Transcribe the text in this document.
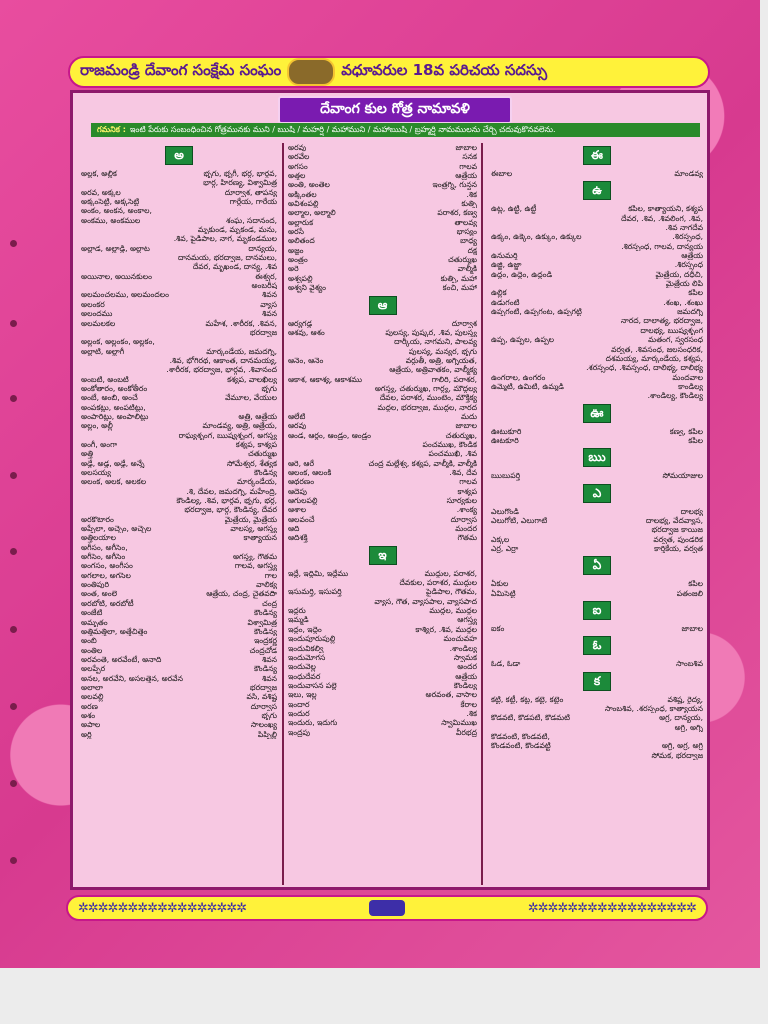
రాజమండ్రి దేవాంగ సంక్షేమ సంఘం	వధూవరుల 18వ పరిచయ సదస్సు
దేవాంగ కుల గోత్ర నామావళి
గమనిక : ఇంటి పేరుకు సంబంధించిన గోత్రమునకు ముని / ఋషి / మహర్షి / మహాముని / మహాఋషి / బ్రహ్మర్షి నామములను చేర్చి చదువుకొనవలెను.
అ
అల్లక, అల్లిక	భృగు, భృగీ, భర్గ, భార్గవ,
భార్గ, హిరణ్య, విశ్వామిత్ర
అరవ, అక్కల	దూర్వాశ, తాపన్య
అక్కంసెట్టి, అక్కసెట్టి	గార్దేయ, గారేయ
అంకం, అంకన, అంకాల,
అంకము, అంకముల	శంఘ, సదానంద,
మృకుండ, మృకండ, మను,
.శివ, పైడిపాల, నాగ, మృకండముల
అల్లాడ, అల్లాడ్డి, అల్లాట	దాన్యయ,
దానమయ, భరద్వాజ, దానమలు,
దేవర, మృఖండ, దాన్య, .శివ
అయినాల, అయినకులం	ఈశ్వర,
అంబరీష
అలమంచలము, అలమందలం	శివన
అలంకర	వ్యాస
అలందము	శివన
అలమలకల	మహేశ, .శారీరక, .శివన,
భరద్వాజ
అల్లంక, అల్లంకం, అల్లకం,
అల్లాటి, అల్లాగీ	మార్కండేయ, జమదగ్ని,
.శివ, భోగిరథ, ఆకాంత, దానమయ్య,
.శారీరక, భరద్వాజ, భార్గవ, .శివానంద
అంబటి, అంబటి	కశ్యప, వాలఖిల్య
అంకోతారం, అంకోతీరం	భృగు
అంబే, అంబి, అంచే	వేమూల, వేయుల
అంపకట్లు, అంపటిట్లు,
అంపారిట్లు, అంపాలిట్లు	అత్రి, ఆత్రేయ
అల్లం, అల్లీ	మాండవ్య, అత్రి, ఆత్రేయ,
రాఘ్యశృంగ, ఋష్యశృంగ, అగస్త్య
అంగీ, అంగా	కశ్యప, కాశ్యప
అత్తి	చతుర్ముఖ
అడ్డే, అడ్డ, అడ్డే, అన్నే	సోమేశ్వర, శేత్యక
అలసయ్య	కౌండిన్య
అలంక, అలక, అలకల	మార్కండేయ,
.శి, దేవల, జమదగ్ని, మహేంద్రి,
కౌండిల్య, .శివ, భార్గవ, భృగు, భర్గ,
భరద్వాజ, భార్గ, కౌండిన్య, దేవర
అరకొటారం	మైత్రేయ, మైత్రేయ
అప్పేలా, అచ్చెం, అచ్చెల	వాలస్య, అగస్త్య
అత్తిలయాల	కాత్యాయన
అగీసం, అగీసెం,
అగీసెం, అగీసెం	అగస్త్య, గౌతమ
అంగసం, అంగీసం	గాలవ, అగస్త్య
అగలాల, అగసెల	గాల
అంతిపురి	వాలిక్య
అంత, అంలె	ఆత్రేయ, చంద్ర, చైతవదిా
అరబోటి, అరబోటీ	చంద్ర
అంజేటి	కౌండిన్య
అమృతం	విశ్వామిత్ర
అత్తిమత్తిలా, అత్తేచిత్తెం	కౌండిన్య
అంబి	ఇంద్రకర్ణ
అంతిల	చంద్రచోడ
అరవంతె, అరవేంటే, అనాది	శివన
అలప్పేర	కౌండిన్య
అనల, అరవేని, అసలత్తెన, అరవేన	శివన
అలాలా	భరద్వాజ
అలవల్లి	వసి, వశిష్ట
అరణ	దూర్వాస
అశం	భృగు
అపాల	సాలంఖ్య
అర్లి	పిప్పిల్లి
అరవు	జాబాల
అరవేల	సనక
అగసం	గాలవ
అత్తల	ఆత్రేయ
అంతి, అంతెల	ఇంత్రగ్ని, గున్షన
అక్కింతల	.శిక
అవిశంపల్లి	కుత్సి
అల్మాల, అల్మాలి	పరాశర, కణ్వ
అల్లారుక	తాలవ్య
అరసే	భాస్యం
అలితంద	బాధ్య
అజ్జం	దక్ష
అంత్రం	చతుర్ముఖ
అరె	వాల్మీకి
అశ్వపల్లి	కుత్సి, మహా
అశ్వని వైశ్యం	కంచి, మహా
ఆ
ఆర్యగడ్డ	దూర్వాశ
ఆశవు, ఆశం	పులస్య, పుష్కర, .శివ, పులస్త్య
దార్కీయ, నాగమని, పాలవ్య
పులస్య, మన్యర, భృగు
ఆనెం, ఆనెం	వర్గుతీ, అత్రి, అగ్నియత,
ఆత్రేయ, అత్రివాతకం, వాల్మీక్య
ఆకాశ, ఆకాశ్య, ఆకాశము	గాలిరి, పరాశర,
అగస్త్య, చతుర్ముఖ, గార్గ్య, మౌద్గల్య
దేవల, పరాశర, ముంటెం, మౌక్తిక్య
మద్గల, భరద్వాజ, ముద్గల, నారద
ఆలేటి	మదు
ఆరవు	జాబాల
ఆండ, ఆర్డం, ఆండ్రం, ఆండ్రం	చతుర్ముఖ,
పంచముఖ, కౌండిక
పంచముఖి, .శివ
ఆరె, ఆరే	చంద్ర మల్లేశ్వ, కశ్యప, వాల్మీకి, వాల్మీకి
ఆలంక, ఆలంకి	.శివ, దేవ
ఆథరణం	గాలవ
ఆదెపు	కాశ్యప
ఆగులపల్లి	సూర్యకుల
ఆశాల	.శాంక్య
ఆలవంచే	దూర్వాస
ఆది	మందర
ఆదిశక్తి	గౌతమ
ఇ
ఇద్దే, ఇద్దిమి, ఇద్దేము	ముద్గుల, పరాశర,
దేవకుల, పరాశర, ముద్గుల
ఇసుమర్తి, ఇసుపర్తి	పైడిపాల, గౌతమ,
వ్యాస, గౌత, వ్యాసపాల, వ్యాసపాద
ఇద్దరు	ముద్గల, ముద్గల
ఇమ్మడి	ఆగస్త్య
ఇద్దం, ఇద్దెం	కాశ్యిర, .శివ, ముద్గల
ఇందుపూరుపుల్లి	మంచువహ
ఇందువికల్వి	.శాండిల్య
ఇందుమోగస	స్వామక
ఇందువెల్ల	అందర
ఇంధుదేవర	ఆత్రేయ
ఇందువాసన పల్లె	కౌండిల్య
ఇలు, ఇల్ల	అరవంత, వాసాల
ఇందార	కేరాల
ఇందుర	.శిక
ఇందురు, ఇదుగు	స్వామిముఖ
ఇంద్రపు	వీరభద్ర
ఈ
ఈబాల	మాండవ్య
ఉ
ఉట్ల, ఉట్టి, ఉట్టీ	కపిల, కాత్యాయని, కశ్యప
దేవర, .శివ, .శివలింగ, .శివ,
.శివ నాగదేవ
ఉక్కం, ఉక్కెం, ఉక్కుం, ఉక్కుల	.శిరస్సంధ,
.శిరస్సంధ, గాలవ, దాన్యయ
ఉనుమర్తి	ఆత్రేయ
ఉజ్జి, ఉజ్జా	.శిరస్సంధ
ఉద్దం, ఉద్దెం, ఉద్దండి	మైత్రేయ, దధీచి,
మైత్రేయ లిపి
ఉల్లిక	కపిల
ఉడుగంటి	.శంఖ, .శంఖు
ఉప్పగంటి, ఉప్పగంట, ఉప్పగట్టి	జమదగ్ని
నారద, దాలాత్య, భరద్వాజ,
దాలభ్య, ఋష్యశృంగ
ఉప్ప, ఉప్పల, ఉప్పల	మతంగ, స్వరసంధ
వర్వత, .శివసంధ, జలసంధరిక,
దశమయ్య, మార్కండేయ, కశ్యప,
.శరస్సంధ, .శివస్సంధ, దాలిభ్య, దాలిభ్య
ఉంగరాల, ఉంగరం	మందవాల
ఉమ్మెటి, ఉమిటి, ఉమ్మడి	కాండిల్య
.శాండిల్య, కౌండిల్య
ఊ
ఊటుకూరి	కణ్వ, కపిల
ఊటకూరి	కపిల
ఋ
ఋబుపర్తి	సోమయాజుల
ఎ
ఎలుగొండి	దాలభ్య
ఎలుగోటి, ఎలుగాటి	దాలభ్య, వేదవ్యాస,
భరద్వాజ కాయిజ
ఎక్కల	వర్వత, పుండరిక
ఎర్ర, ఎర్రా	కార్తికేయ, వర్వత
ఏ
ఏకుల	కపిల
ఏమిసెట్టి	పతంజలి
ఐ
ఐకం	జాబాల
ఓ
ఓడ, ఓడా	సాంబశివ
క
కట్టి, కట్టీ, కట్ట, కట్టె, కట్టెం	వశిష్ట, రైద్య,
సాంబశివ, .శరస్సంధ, కాత్యాయన
కొడవటి, కొడపటి, కొడమటి	అగ్ర, దాన్యయ,
అగ్రి, అగ్ని
కొడవంటి, కొండవటి,
కొండవంటి, కొండవట్టి	అగ్రి, అగ్ర, అగ్రి
సోమక, భరద్వాజ
✲✲✲✲✲✲✲✲✲✲✲✲✲✲✲✲✲	✲✲✲✲✲✲✲✲✲✲✲✲✲✲✲✲✲
